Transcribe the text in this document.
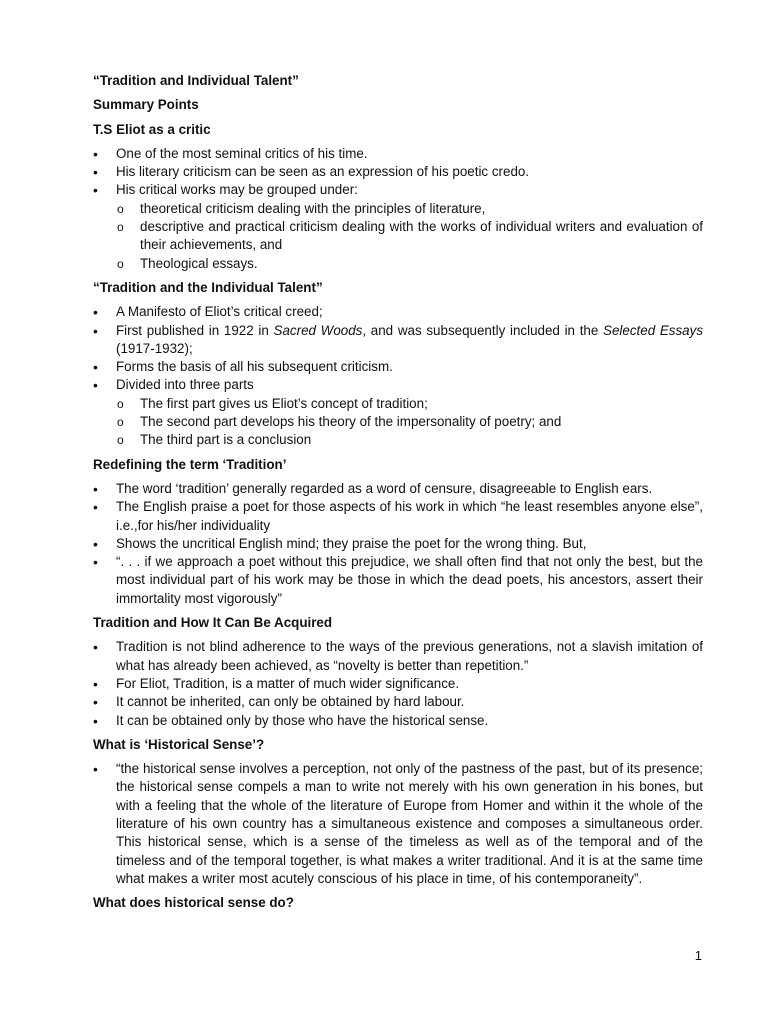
“Tradition and Individual Talent”

Summary Points

T.S Eliot as a critic

• One of the most seminal critics of his time.
• His literary criticism can be seen as an expression of his poetic credo.
• His critical works may be grouped under:
o theoretical criticism dealing with the principles of literature,
o descriptive and practical criticism dealing with the works of individual writers and evaluation of their achievements, and
o Theological essays.

“Tradition and the Individual Talent”

• A Manifesto of Eliot’s critical creed;
• First published in 1922 in Sacred Woods, and was subsequently included in the Selected Essays (1917-1932);
• Forms the basis of all his subsequent criticism.
• Divided into three parts
o The first part gives us Eliot’s concept of tradition;
o The second part develops his theory of the impersonality of poetry; and
o The third part is a conclusion

Redefining the term ‘Tradition’

• The word ‘tradition’ generally regarded as a word of censure, disagreeable to English ears.
• The English praise a poet for those aspects of his work in which “he least resembles anyone else”, i.e.,for his/her individuality
• Shows the uncritical English mind; they praise the poet for the wrong thing. But,
• “. . . if we approach a poet without this prejudice, we shall often find that not only the best, but the most individual part of his work may be those in which the dead poets, his ancestors, assert their immortality most vigorously”

Tradition and How It Can Be Acquired

• Tradition is not blind adherence to the ways of the previous generations, not a slavish imitation of what has already been achieved, as “novelty is better than repetition.”
• For Eliot, Tradition, is a matter of much wider significance.
• It cannot be inherited, can only be obtained by hard labour.
• It can be obtained only by those who have the historical sense.

What is ‘Historical Sense’?

• “the historical sense involves a perception, not only of the pastness of the past, but of its presence; the historical sense compels a man to write not merely with his own generation in his bones, but with a feeling that the whole of the literature of Europe from Homer and within it the whole of the literature of his own country has a simultaneous existence and composes a simultaneous order. This historical sense, which is a sense of the timeless as well as of the temporal and of the timeless and of the temporal together, is what makes a writer traditional. And it is at the same time what makes a writer most acutely conscious of his place in time, of his contemporaneity”.

What does historical sense do?

1
